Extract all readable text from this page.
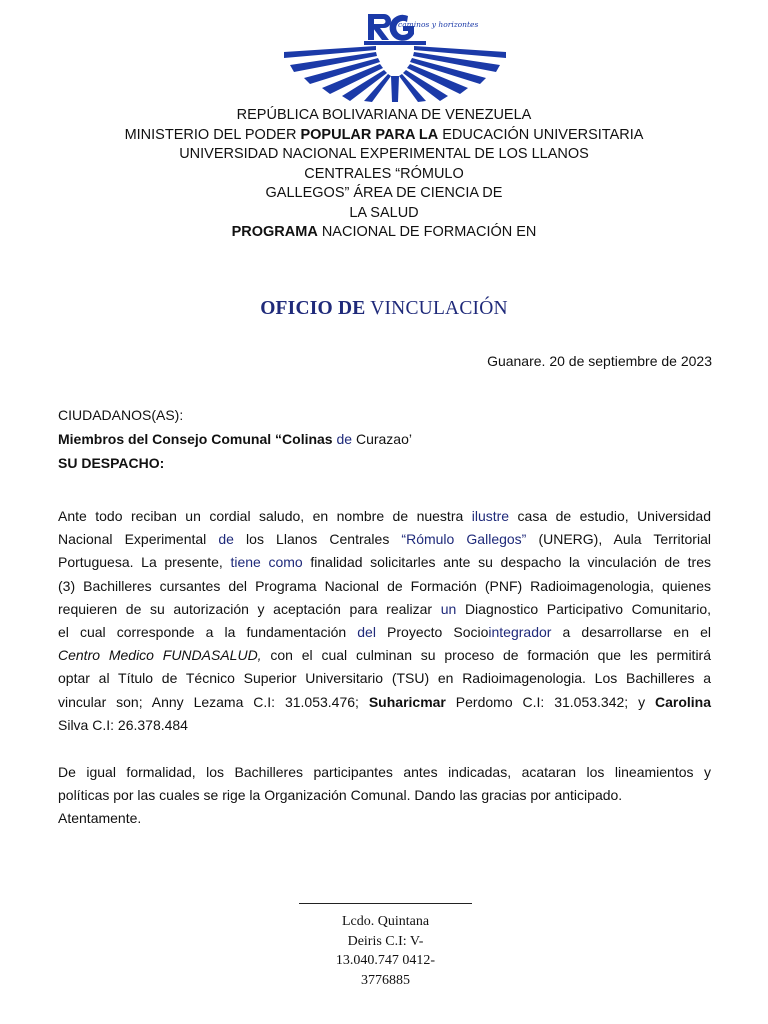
caminos y horizontes
REPÚBLICA BOLIVARIANA DE VENEZUELA
MINISTERIO DEL PODER POPULAR PARA LA EDUCACIÓN UNIVERSITARIA
UNIVERSIDAD NACIONAL EXPERIMENTAL DE LOS LLANOS
CENTRALES “RÓMULO
GALLEGOS” ÁREA DE CIENCIA DE
LA SALUD
PROGRAMA NACIONAL DE FORMACIÓN EN
OFICIO DE VINCULACIÓN
Guanare. 20 de septiembre de 2023
CIUDADANOS(AS):
Miembros del Consejo Comunal “Colinas de Curazao’
SU DESPACHO:
Ante todo reciban un cordial saludo, en nombre de nuestra ilustre casa de estudio, Universidad
Nacional Experimental de los Llanos Centrales “Rómulo Gallegos” (UNERG), Aula Territorial
Portuguesa. La presente, tiene como finalidad solicitarles ante su despacho la vinculación de tres
(3) Bachilleres cursantes del Programa Nacional de Formación (PNF) Radioimagenologia, quienes
requieren de su autorización y aceptación para realizar un Diagnostico Participativo Comunitario,
el cual corresponde a la fundamentación del Proyecto Sociointegrador a desarrollarse en el
Centro Medico FUNDASALUD, con el cual culminan su proceso de formación que les permitirá
optar al Título de Técnico Superior Universitario (TSU) en Radioimagenologia. Los Bachilleres a
vincular son; Anny Lezama C.I: 31.053.476; Suharicmar Perdomo C.I: 31.053.342; y Carolina
Silva C.I: 26.378.484
De igual formalidad, los Bachilleres participantes antes indicadas, acataran los lineamientos y
políticas por las cuales se rige la Organización Comunal. Dando las gracias por anticipado.
Atentamente.
Lcdo. Quintana
Deiris C.I: V-
13.040.747 0412-
3776885
